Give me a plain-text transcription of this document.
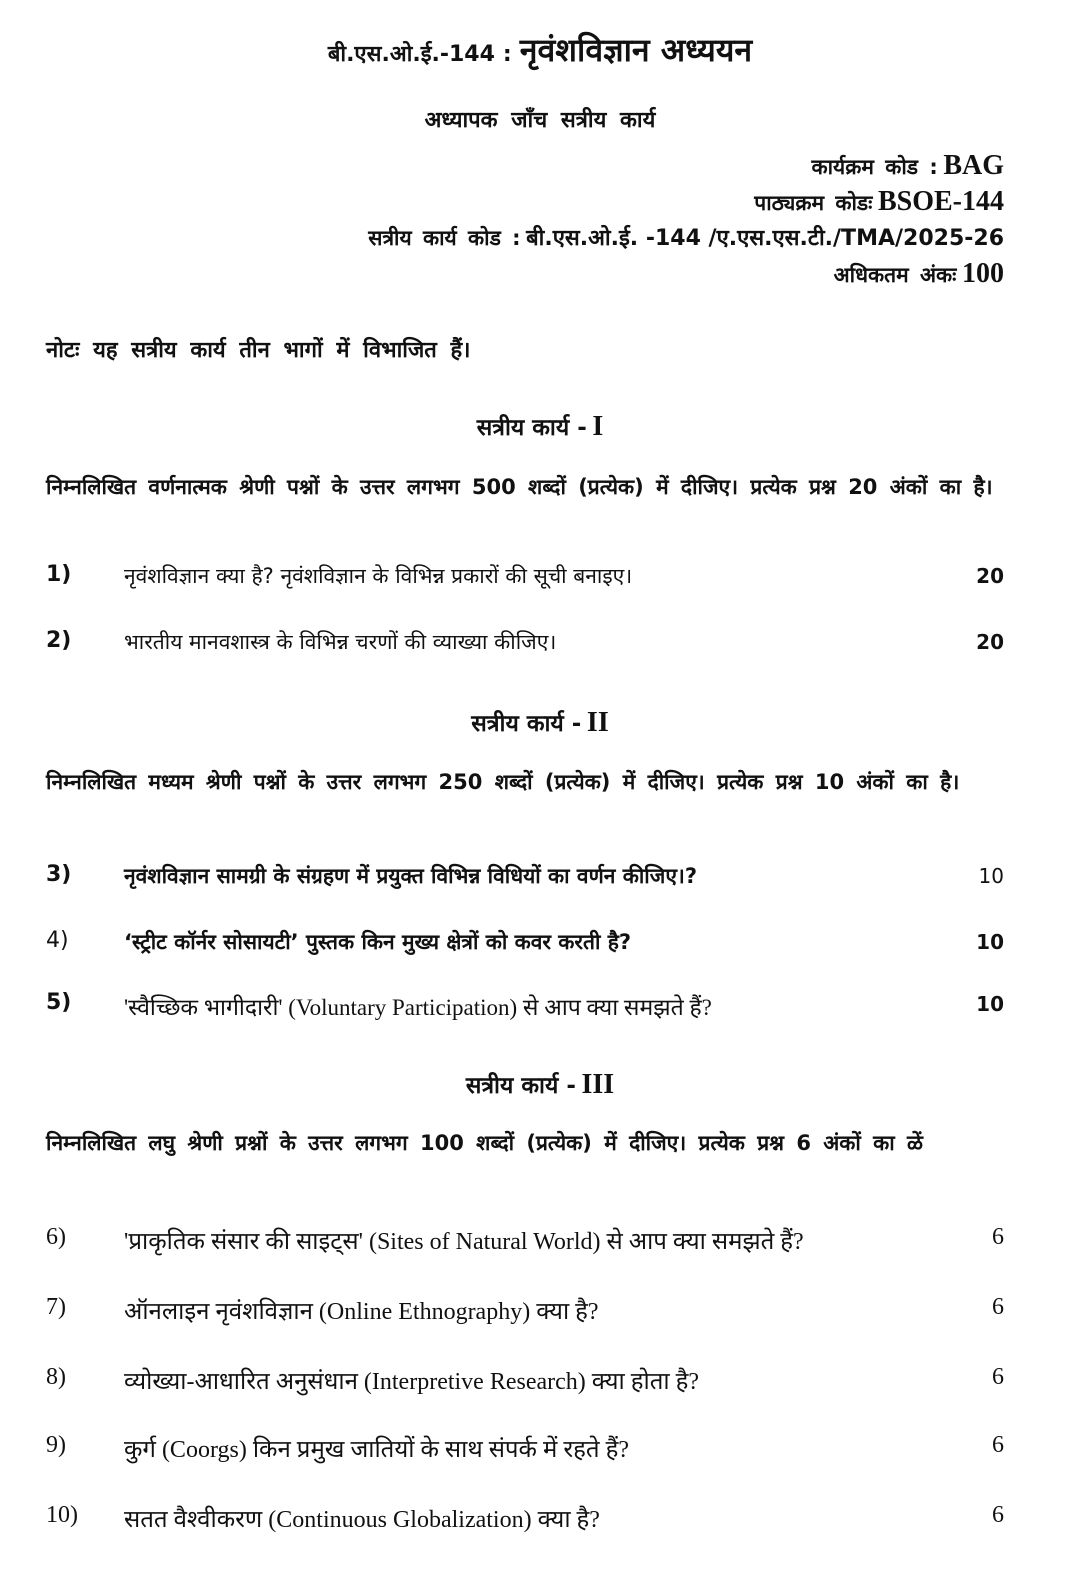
बी.एस.ओ.ई.-144 : नृवंशविज्ञान अध्ययन
अध्यापक जाँच सत्रीय कार्य
कार्यक्रम कोड : BAG
पाठ्यक्रम कोडः BSOE-144
सत्रीय कार्य कोड : बी.एस.ओ.ई. -144 /ए.एस.एस.टी./TMA/2025-26
अधिकतम अंकः 100
नोटः यह सत्रीय कार्य तीन भागों में विभाजित हैं।
सत्रीय कार्य - I
निम्नलिखित वर्णनात्मक श्रेणी पश्नों के उत्तर लगभग 500 शब्दों (प्रत्येक) में दीजिए। प्रत्येक प्रश्न 20 अंकों का है।
1)	नृवंशविज्ञान क्या है? नृवंशविज्ञान के विभिन्न प्रकारों की सूची बनाइए।	20
2)	भारतीय मानवशास्त्र के विभिन्न चरणों की व्याख्या कीजिए।	20
सत्रीय कार्य - II
निम्नलिखित मध्यम श्रेणी पश्नों के उत्तर लगभग 250 शब्दों (प्रत्येक) में दीजिए। प्रत्येक प्रश्न 10 अंकों का है।
3)	नृवंशविज्ञान सामग्री के संग्रहण में प्रयुक्त विभिन्न विधियों का वर्णन कीजिए।?	10
4)	‘स्ट्रीट कॉर्नर सोसायटी’ पुस्तक किन मुख्य क्षेत्रों को कवर करती है?	10
5) 'स्वैच्छिक भागीदारी' (Voluntary Participation) से आप क्या समझते हैं?	10
सत्रीय कार्य - III
निम्नलिखित लघु श्रेणी प्रश्नों के उत्तर लगभग 100 शब्दों (प्रत्येक) में दीजिए। प्रत्येक प्रश्न 6 अंकों का ळें
6) 'प्राकृतिक संसार की साइट्स' (Sites of Natural World) से आप क्या समझते हैं?	6
7) ऑनलाइन नृवंशविज्ञान (Online Ethnography) क्या है?	6
8) व्योख्या-आधारित अनुसंधान (Interpretive Research) क्या होता है?	6
9) कुर्ग (Coorgs) किन प्रमुख जातियों के साथ संपर्क में रहते हैं?	6
10) सतत वैश्वीकरण (Continuous Globalization) क्या है?	6
